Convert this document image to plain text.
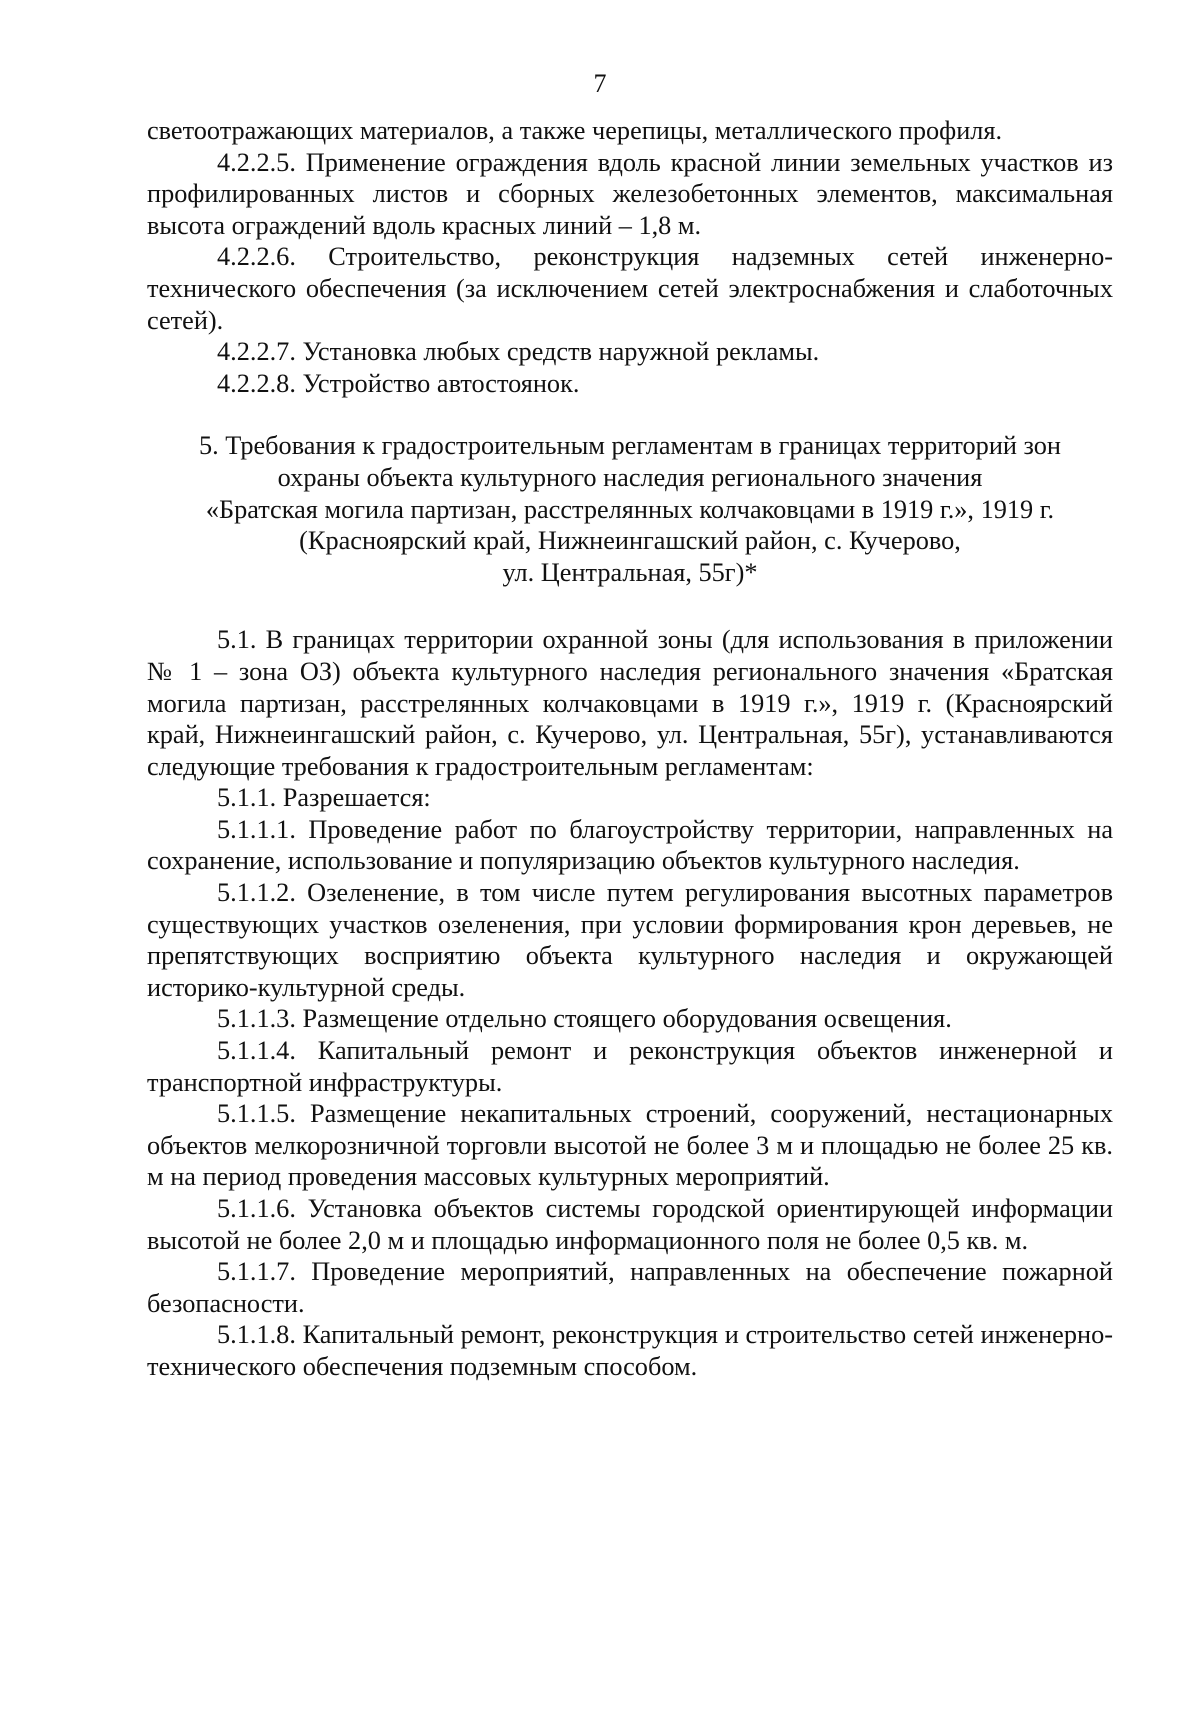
7

светоотражающих материалов, а также черепицы, металлического профиля.

4.2.2.5. Применение ограждения вдоль красной линии земельных участков из профилированных листов и сборных железобетонных элементов, максимальная высота ограждений вдоль красных линий – 1,8 м.

4.2.2.6. Строительство, реконструкция надземных сетей инженерно-технического обеспечения (за исключением сетей электроснабжения и слаботочных сетей).

4.2.2.7. Установка любых средств наружной рекламы.

4.2.2.8. Устройство автостоянок.

5. Требования к градостроительным регламентам в границах территорий зон

охраны объекта культурного наследия регионального значения

«Братская могила партизан, расстрелянных колчаковцами в 1919 г.», 1919 г.

(Красноярский край, Нижнеингашский район, с. Кучерово,

ул. Центральная, 55г)*

5.1. В границах территории охранной зоны (для использования в приложении № 1 – зона ОЗ) объекта культурного наследия регионального значения «Братская могила партизан, расстрелянных колчаковцами в 1919 г.», 1919 г. (Красноярский край, Нижнеингашский район, с. Кучерово, ул. Центральная, 55г), устанавливаются следующие требования к градостроительным регламентам:

5.1.1. Разрешается:

5.1.1.1. Проведение работ по благоустройству территории, направленных на сохранение, использование и популяризацию объектов культурного наследия.

5.1.1.2. Озеленение, в том числе путем регулирования высотных параметров существующих участков озеленения, при условии формирования крон деревьев, не препятствующих восприятию объекта культурного наследия и окружающей историко-культурной среды.

5.1.1.3. Размещение отдельно стоящего оборудования освещения.

5.1.1.4. Капитальный ремонт и реконструкция объектов инженерной и транспортной инфраструктуры.

5.1.1.5. Размещение некапитальных строений, сооружений, нестационарных объектов мелкорозничной торговли высотой не более 3 м и площадью не более 25 кв. м на период проведения массовых культурных мероприятий.

5.1.1.6. Установка объектов системы городской ориентирующей информации высотой не более 2,0 м и площадью информационного поля не более 0,5 кв. м.

5.1.1.7. Проведение мероприятий, направленных на обеспечение пожарной безопасности.

5.1.1.8. Капитальный ремонт, реконструкция и строительство сетей инженерно-технического обеспечения подземным способом.
